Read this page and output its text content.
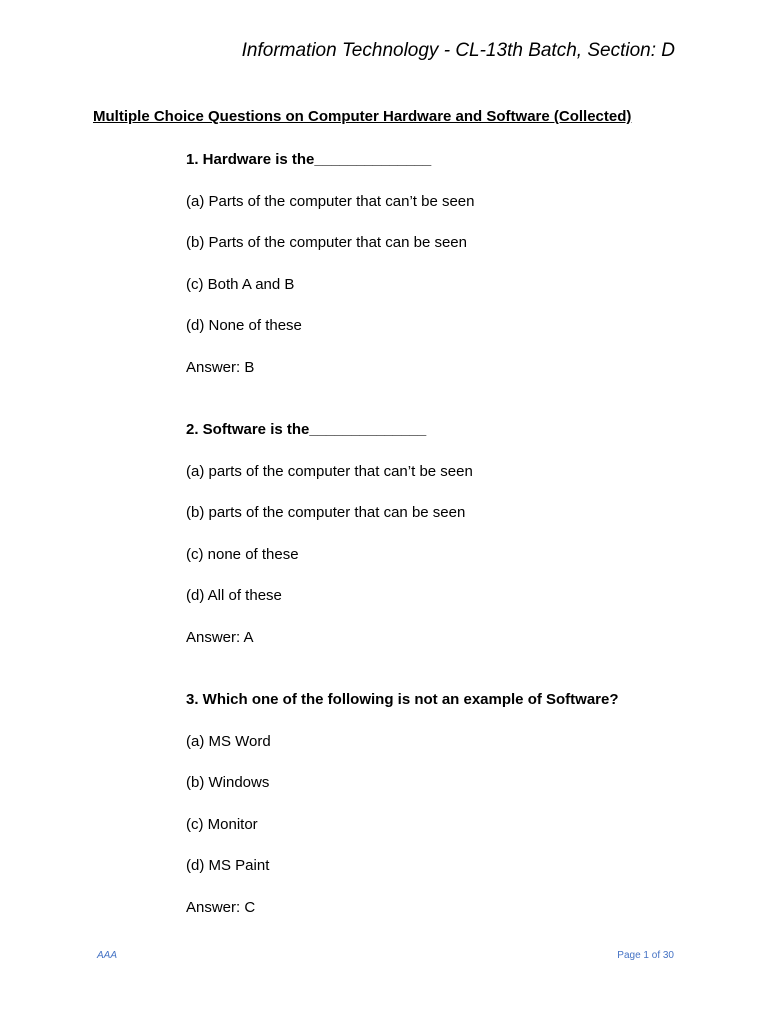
Information Technology - CL-13th Batch, Section: D
Multiple Choice Questions on Computer Hardware and Software (Collected)
1. Hardware is the______________
(a) Parts of the computer that can’t be seen
(b) Parts of the computer that can be seen
(c) Both A and B
(d) None of these
Answer: B
2. Software is the______________
(a) parts of the computer that can’t be seen
(b) parts of the computer that can be seen
(c) none of these
(d) All of these
Answer: A
3. Which one of the following is not an example of Software?
(a) MS Word
(b) Windows
(c) Monitor
(d) MS Paint
Answer: C
AAA	Page 1 of 30
